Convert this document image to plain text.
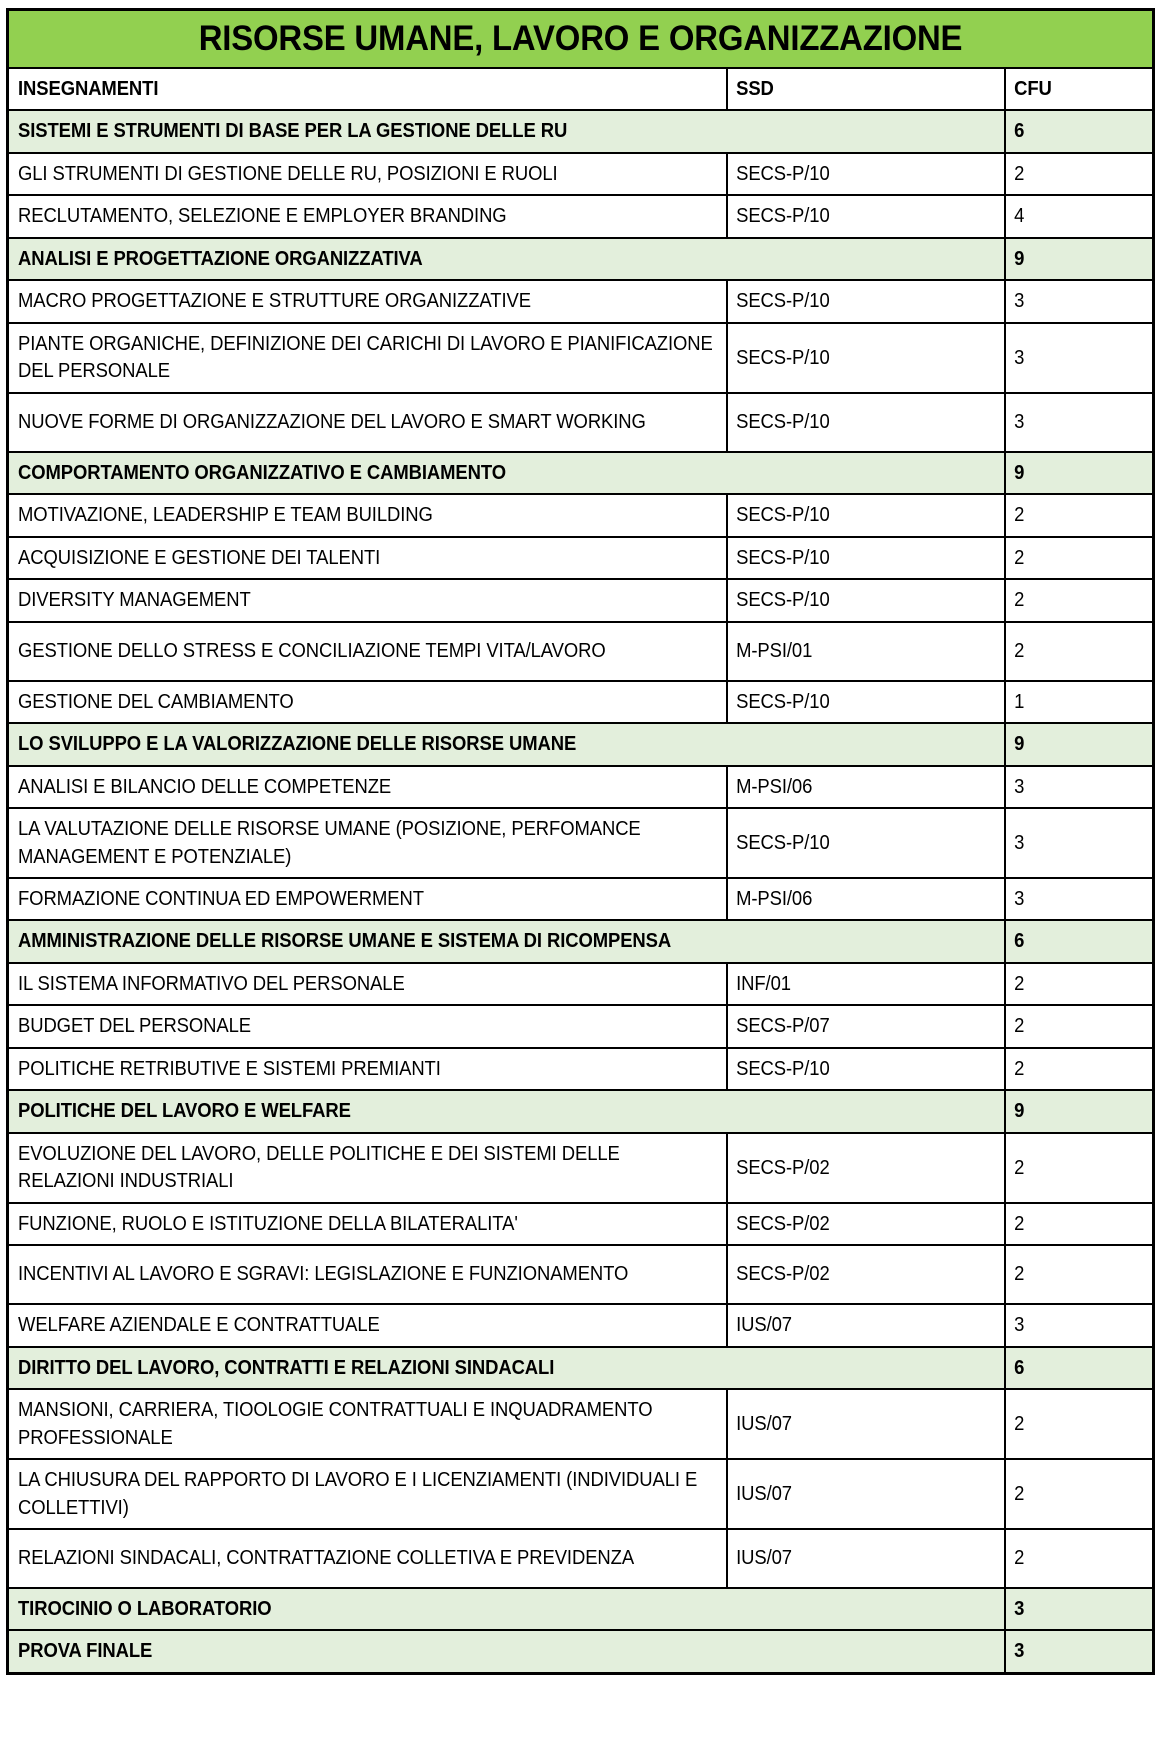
RISORSE UMANE, LAVORO E ORGANIZZAZIONE		

INSEGNAMENTI	SSD	CFU

SISTEMI E STRUMENTI DI BASE PER LA GESTIONE DELLE RU		6

GLI STRUMENTI DI GESTIONE DELLE RU, POSIZIONI E RUOLI	SECS-P/10	2

RECLUTAMENTO, SELEZIONE E EMPLOYER BRANDING	SECS-P/10	4

ANALISI E PROGETTAZIONE ORGANIZZATIVA		9

MACRO PROGETTAZIONE E STRUTTURE ORGANIZZATIVE	SECS-P/10	3

PIANTE ORGANICHE, DEFINIZIONE DEI CARICHI DI LAVORO E PIANIFICAZIONE DEL PERSONALE	SECS-P/10	3

NUOVE FORME DI ORGANIZZAZIONE DEL LAVORO E SMART WORKING	SECS-P/10	3

COMPORTAMENTO ORGANIZZATIVO E CAMBIAMENTO		9

MOTIVAZIONE, LEADERSHIP E TEAM BUILDING	SECS-P/10	2

ACQUISIZIONE E GESTIONE DEI TALENTI	SECS-P/10	2

DIVERSITY MANAGEMENT	SECS-P/10	2

GESTIONE DELLO STRESS E CONCILIAZIONE TEMPI VITA/LAVORO	M-PSI/01	2

GESTIONE DEL CAMBIAMENTO	SECS-P/10	1

LO SVILUPPO E LA VALORIZZAZIONE DELLE RISORSE UMANE		9

ANALISI E BILANCIO DELLE COMPETENZE	M-PSI/06	3

LA VALUTAZIONE DELLE RISORSE UMANE (POSIZIONE, PERFOMANCE MANAGEMENT E POTENZIALE)	SECS-P/10	3

FORMAZIONE CONTINUA ED EMPOWERMENT	M-PSI/06	3

AMMINISTRAZIONE DELLE RISORSE UMANE E SISTEMA DI RICOMPENSA		6

IL SISTEMA INFORMATIVO DEL PERSONALE	INF/01	2

BUDGET DEL PERSONALE	SECS-P/07	2

POLITICHE RETRIBUTIVE E SISTEMI PREMIANTI	SECS-P/10	2

POLITICHE DEL LAVORO E WELFARE		9

EVOLUZIONE DEL LAVORO, DELLE POLITICHE E DEI SISTEMI DELLE RELAZIONI INDUSTRIALI	SECS-P/02	2

FUNZIONE, RUOLO E ISTITUZIONE DELLA BILATERALITA'	SECS-P/02	2

INCENTIVI AL LAVORO E SGRAVI: LEGISLAZIONE E FUNZIONAMENTO	SECS-P/02	2

WELFARE AZIENDALE E CONTRATTUALE	IUS/07	3

DIRITTO DEL LAVORO, CONTRATTI E RELAZIONI SINDACALI		6

MANSIONI, CARRIERA, TIOOLOGIE CONTRATTUALI E INQUADRAMENTO PROFESSIONALE	IUS/07	2

LA CHIUSURA DEL RAPPORTO DI LAVORO E I LICENZIAMENTI (INDIVIDUALI E COLLETTIVI)	IUS/07	2

RELAZIONI SINDACALI, CONTRATTAZIONE COLLETIVA E PREVIDENZA	IUS/07	2

TIROCINIO O LABORATORIO		3

PROVA FINALE		3
